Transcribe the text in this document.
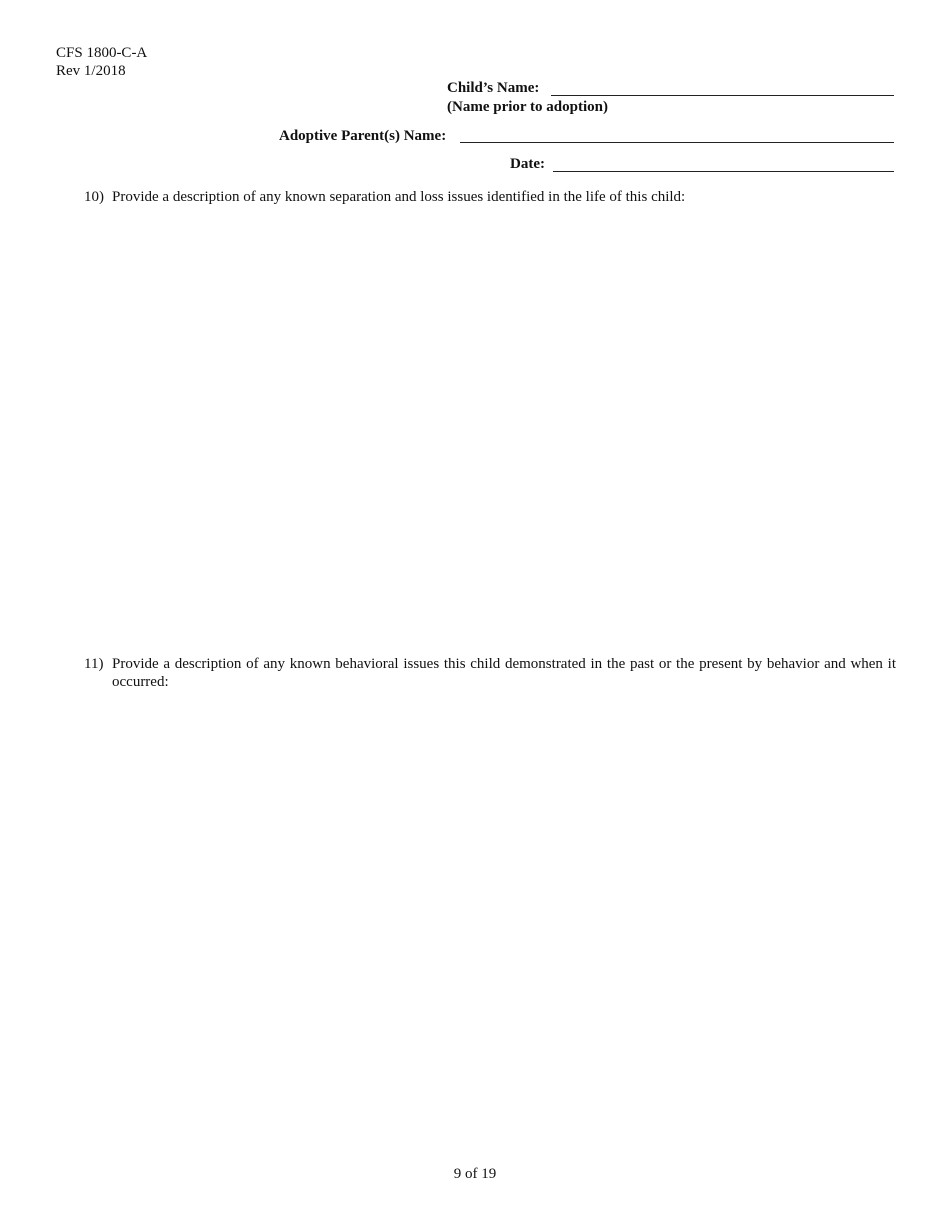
CFS 1800-C-A
Rev 1/2018
Child’s Name:
(Name prior to adoption)
Adoptive Parent(s) Name:
Date:
10) Provide a description of any known separation and loss issues identified in the life of this child:
11) Provide a description of any known behavioral issues this child demonstrated in the past or the present by behavior and when it occurred:
9 of 19
